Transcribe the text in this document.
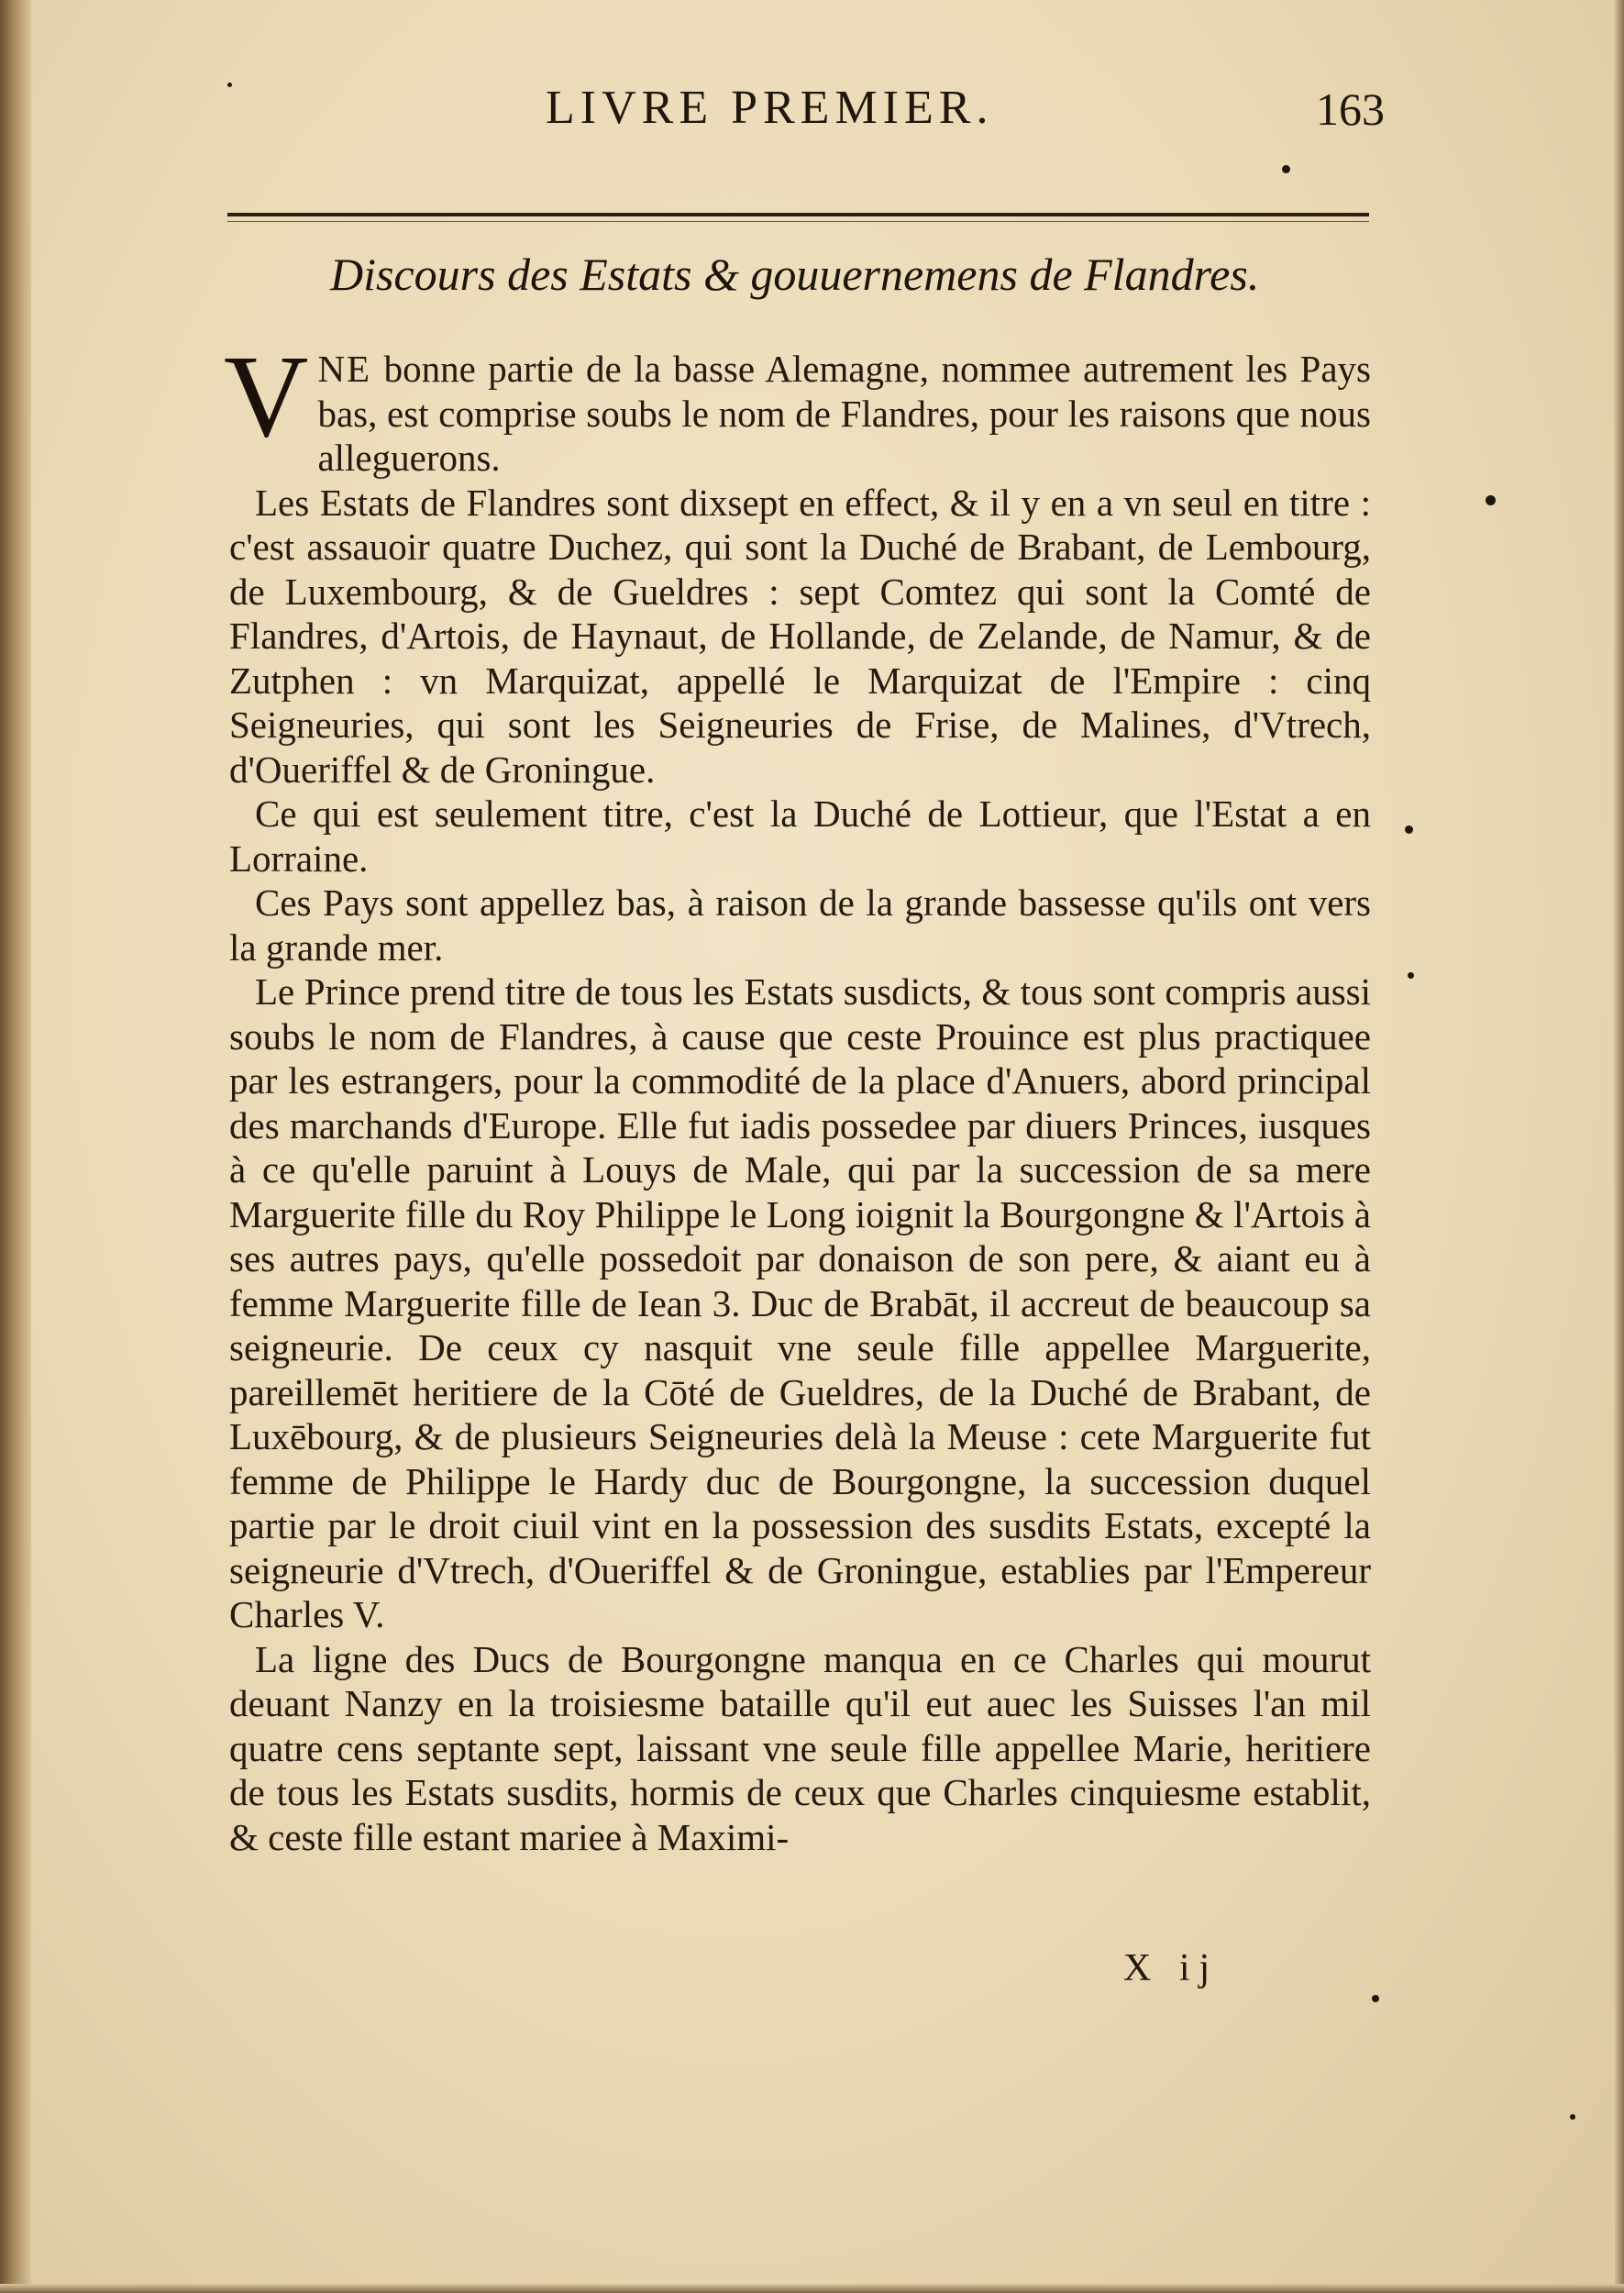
LIVRE PREMIER.	163
Discours des Estats & gouuernemens de Flandres.

VNE bonne partie de la basse Alemagne, nommee autrement les Pays bas, est comprise soubs le nom de Flandres, pour les raisons que nous alleguerons.

Les Estats de Flandres sont dixsept en effect, & il y en a vn seul en titre : c'est assauoir quatre Duchez, qui sont la Duché de Brabant, de Lembourg, de Luxembourg, & de Gueldres : sept Comtez qui sont la Comté de Flandres, d'Artois, de Haynaut, de Hollande, de Zelande, de Namur, & de Zutphen : vn Marquizat, appellé le Marquizat de l'Empire : cinq Seigneuries, qui sont les Seigneuries de Frise, de Malines, d'Vtrech, d'Oueriffel & de Groningue.

Ce qui est seulement titre, c'est la Duché de Lottieur, que l'Estat a en Lorraine.

Ces Pays sont appellez bas, à raison de la grande bassesse qu'ils ont vers la grande mer.

Le Prince prend titre de tous les Estats susdicts, & tous sont compris aussi soubs le nom de Flandres, à cause que ceste Prouince est plus practiquee par les estrangers, pour la commodité de la place d'Anuers, abord principal des marchands d'Europe. Elle fut iadis possedee par diuers Princes, iusques à ce qu'elle paruint à Louys de Male, qui par la succession de sa mere Marguerite fille du Roy Philippe le Long ioignit la Bourgongne & l'Artois à ses autres pays, qu'elle possedoit par donaison de son pere, & aiant eu à femme Marguerite fille de Iean 3. Duc de Brabāt, il accreut de beaucoup sa seigneurie. De ceux cy nasquit vne seule fille appellee Marguerite, pareillemēt heritiere de la Cōté de Gueldres, de la Duché de Brabant, de Luxēbourg, & de plusieurs Seigneuries delà la Meuse : cete Marguerite fut femme de Philippe le Hardy duc de Bourgongne, la succession duquel partie par le droit ciuil vint en la possession des susdits Estats, excepté la seigneurie d'Vtrech, d'Oueriffel & de Groningue, establies par l'Empereur Charles V.

La ligne des Ducs de Bourgongne manqua en ce Charles qui mourut deuant Nanzy en la troisiesme bataille qu'il eut auec les Suisses l'an mil quatre cens septante sept, laissant vne seule fille appellee Marie, heritiere de tous les Estats susdits, hormis de ceux que Charles cinquiesme establit, & ceste fille estant mariee à Maximi-

X ij
